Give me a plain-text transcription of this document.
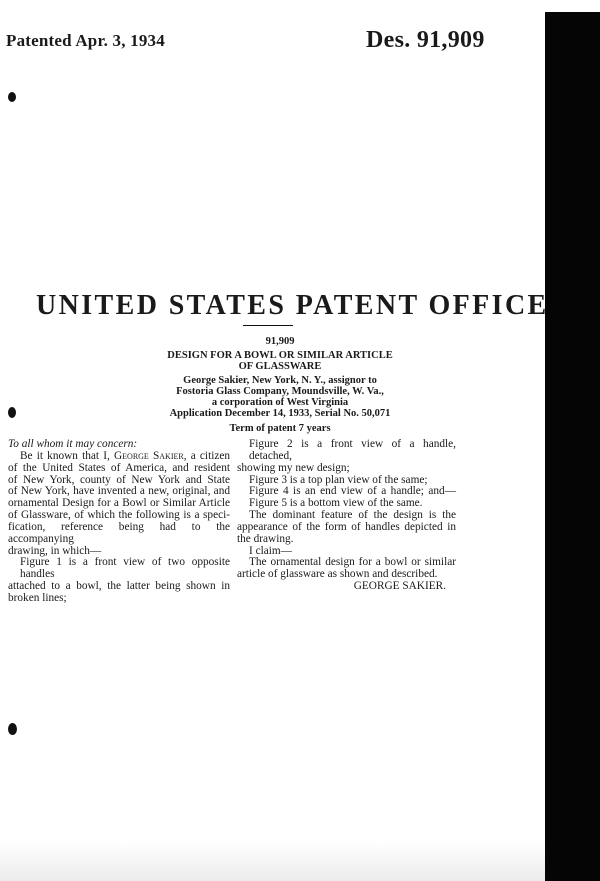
Patented Apr. 3, 1934	Des. 91,909
UNITED STATES PATENT OFFICE
91,909
DESIGN FOR A BOWL OR SIMILAR ARTICLE
OF GLASSWARE
George Sakier, New York, N. Y., assignor to
Fostoria Glass Company, Moundsville, W. Va.,
a corporation of West Virginia
Application December 14, 1933, Serial No. 50,071
Term of patent 7 years

To all whom it may concern:

Be it known that I, George Sakier, a citizen

of the United States of America, and resident

of New York, county of New York and State

of New York, have invented a new, original, and

ornamental Design for a Bowl or Similar Article

of Glassware, of which the following is a speci-

fication, reference being had to the accompanying

drawing, in which—

Figure 1 is a front view of two opposite handles

attached to a bowl, the latter being shown in

broken lines;

Figure 2 is a front view of a handle, detached,

showing my new design;

Figure 3 is a top plan view of the same;

Figure 4 is an end view of a handle; and—

Figure 5 is a bottom view of the same.

The dominant feature of the design is the

appearance of the form of handles depicted in

the drawing.

I claim—

The ornamental design for a bowl or similar

article of glassware as shown and described.

GEORGE SAKIER.
